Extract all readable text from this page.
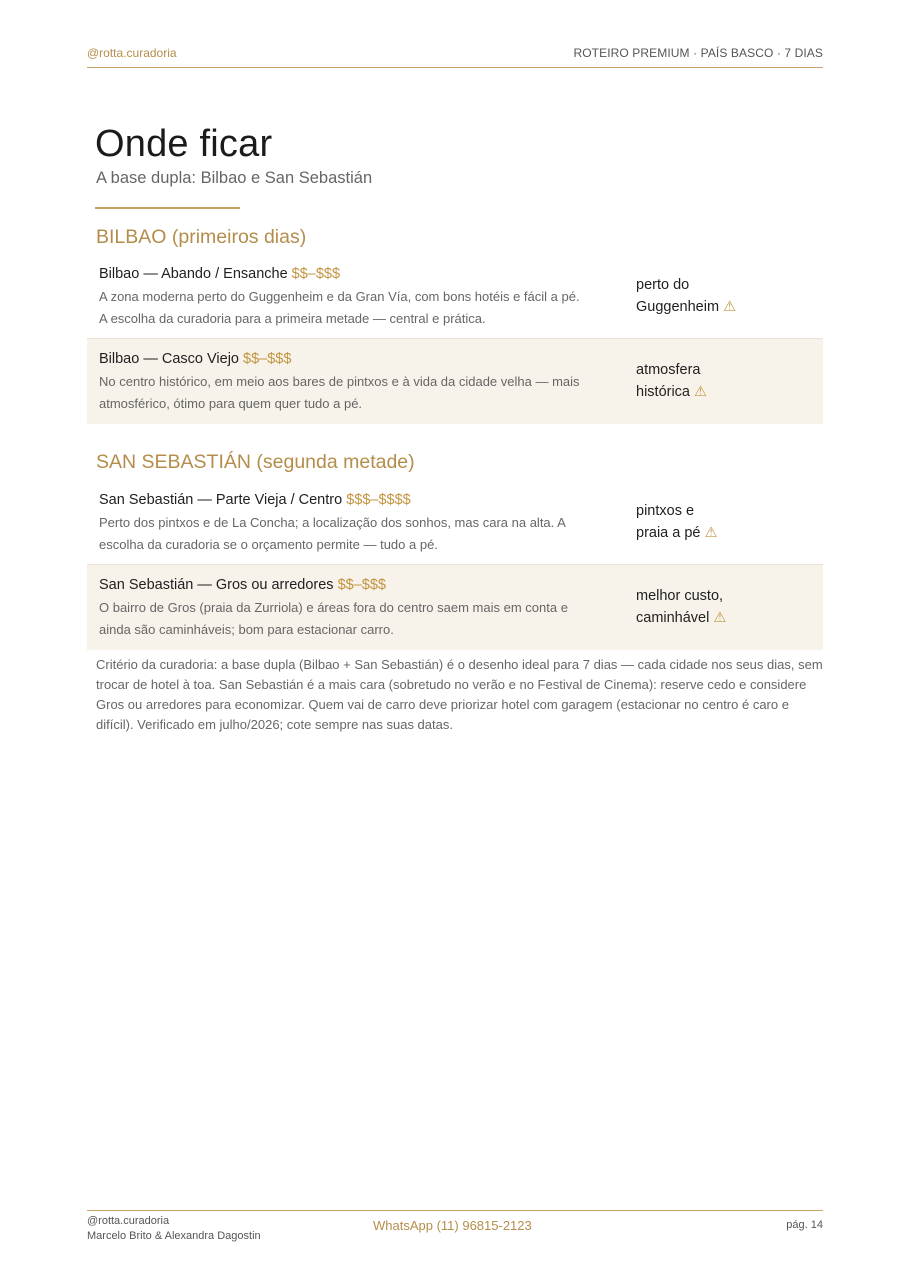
@rotta.curadoria	ROTEIRO PREMIUM · PAÍS BASCO · 7 DIAS
Onde ficar
A base dupla: Bilbao e San Sebastián
BILBAO (primeiros dias)
Bilbao — Abando / Ensanche $$–$$$
A zona moderna perto do Guggenheim e da Gran Vía, com bons hotéis e fácil a pé.
A escolha da curadoria para a primeira metade — central e prática.
perto do
Guggenheim ⚠
Bilbao — Casco Viejo $$–$$$
No centro histórico, em meio aos bares de pintxos e à vida da cidade velha — mais
atmosférico, ótimo para quem quer tudo a pé.
atmosfera
histórica ⚠
SAN SEBASTIÁN (segunda metade)
San Sebastián — Parte Vieja / Centro $$$–$$$$
Perto dos pintxos e de La Concha; a localização dos sonhos, mas cara na alta. A
escolha da curadoria se o orçamento permite — tudo a pé.
pintxos e
praia a pé ⚠
San Sebastián — Gros ou arredores $$–$$$
O bairro de Gros (praia da Zurriola) e áreas fora do centro saem mais em conta e
ainda são caminháveis; bom para estacionar carro.
melhor custo,
caminhável ⚠

Critério da curadoria: a base dupla (Bilbao + San Sebastián) é o desenho ideal para 7 dias — cada cidade nos seus dias, sem trocar de hotel à toa. San Sebastián é a mais cara (sobretudo no verão e no Festival de Cinema): reserve cedo e considere Gros ou arredores para economizar. Quem vai de carro deve priorizar hotel com garagem (estacionar no centro é caro e difícil). Verificado em julho/2026; cote sempre nas suas datas.

@rotta.curadoria
Marcelo Brito & Alexandra Dagostin
WhatsApp (11) 96815-2123	pág. 14
